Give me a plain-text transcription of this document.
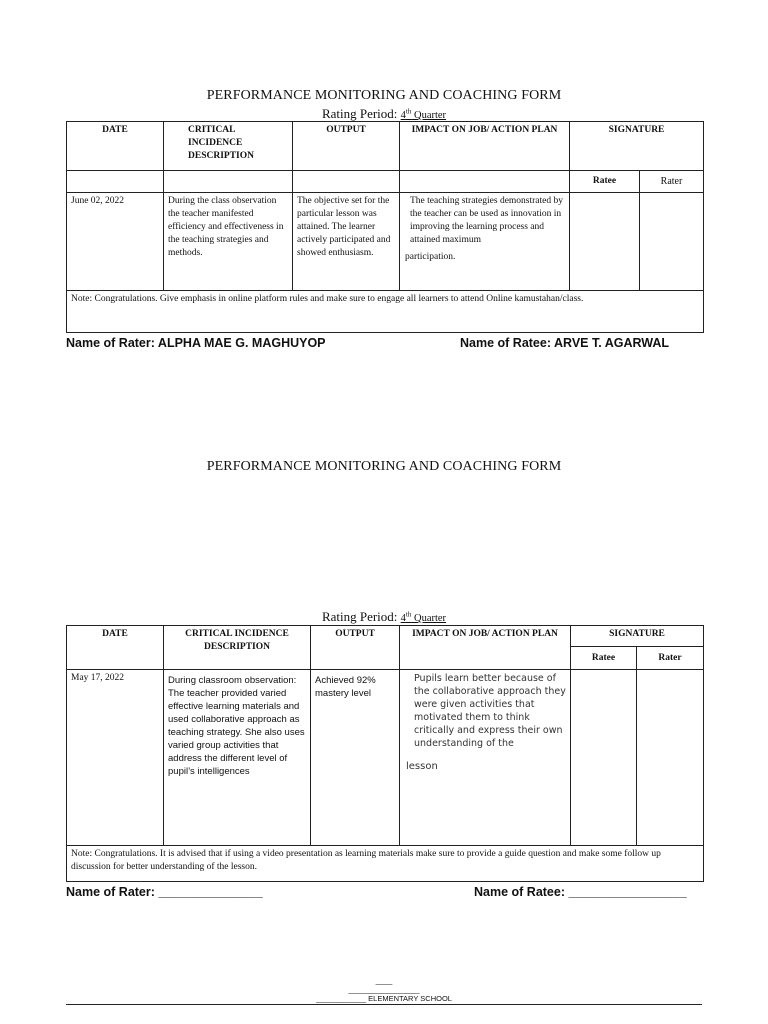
PERFORMANCE MONITORING AND COACHING FORM
Rating Period: 4th Quarter
DATE	CRITICAL INCIDENCE DESCRIPTION	OUTPUT	IMPACT ON JOB/ ACTION PLAN	SIGNATURE	
				Ratee	Rater
June 02, 2022	During the class observation the teacher manifested efficiency and effectiveness in the teaching strategies and methods.	The objective set for the particular lesson was attained. The learner actively participated and showed enthusiasm.	The teaching strategies demonstrated by the teacher can be used as innovation in improving the learning process and attained maximum
participation.		

Note: Congratulations. Give emphasis in online platform rules and make sure to engage all learners to attend Online kamustahan/class.					
Name of Rater: ALPHA MAE G. MAGHUYOP	Name of Ratee: ARVE T. AGARWAL
PERFORMANCE MONITORING AND COACHING FORM
Rating Period: 4th Quarter
DATE	CRITICAL INCIDENCE DESCRIPTION	OUTPUT	IMPACT ON JOB/ ACTION PLAN	SIGNATURE	
				Ratee	Rater
May 17, 2022	During classroom observation: The teacher provided varied effective learning materials and used collaborative approach as teaching strategy. She also uses varied group activities that address the different level of pupil’s intelligences	Achieved 92% mastery level	Pupils learn better because of the collaborative approach they were given activities that motivated them to think critically and express their own understanding of the
lesson		

Note: Congratulations. It is advised that if using a video presentation as learning materials make sure to provide a guide question and make some follow up discussion for better understanding of the lesson.					
Name of Rater: _______________	Name of Ratee: _________________
____
_________________
____________ ELEMENTARY SCHOOL
